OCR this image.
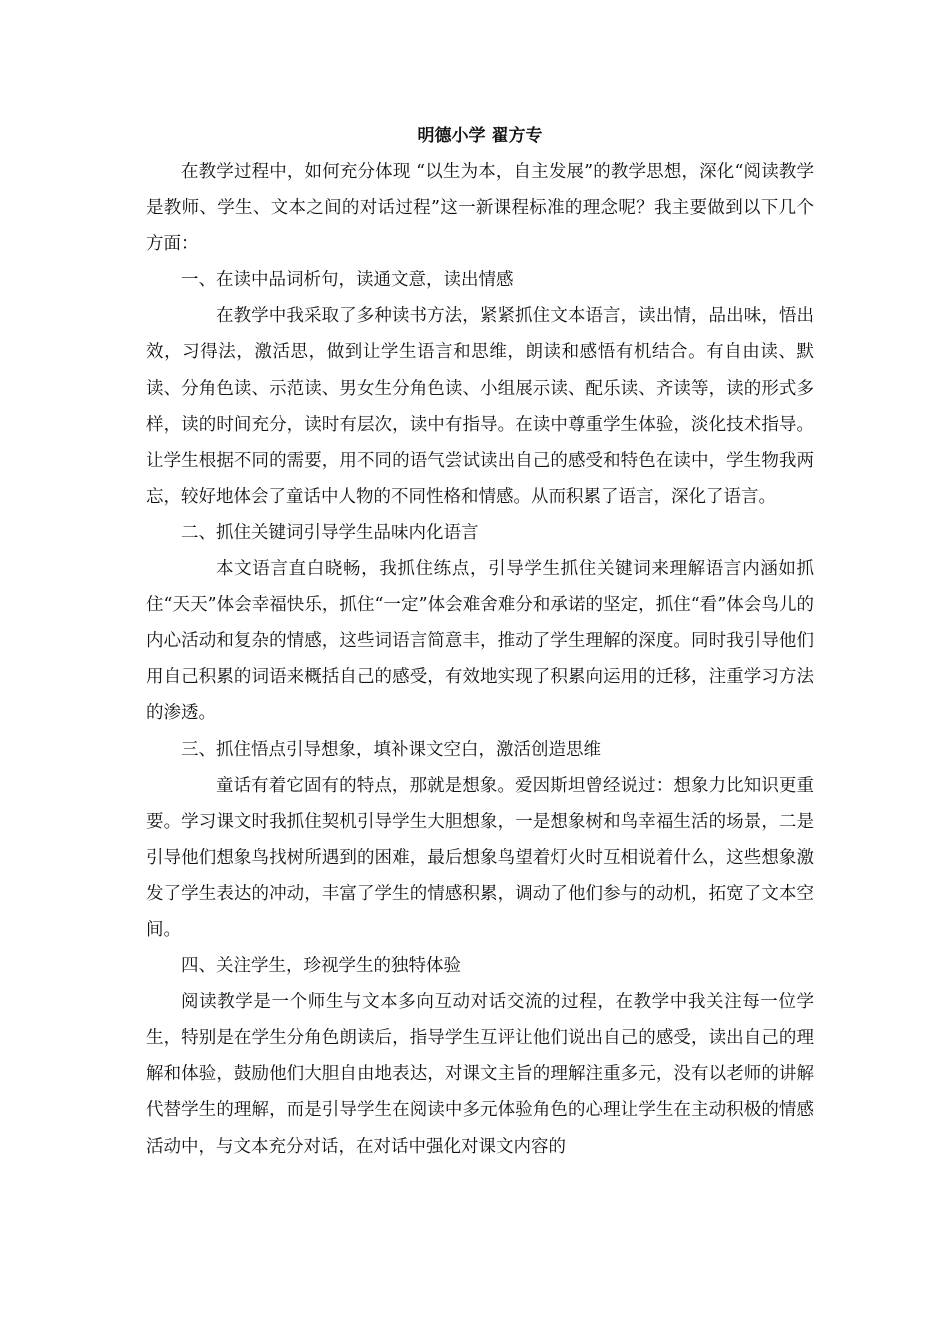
明德小学 翟方专

在教学过程中，如何充分体现 “以生为本，自主发展”的教学思想，深化“阅读教学是教师、学生、文本之间的对话过程”这一新课程标准的理念呢？我主要做到以下几个方面：

一、在读中品词析句，读通文意，读出情感

在教学中我采取了多种读书方法，紧紧抓住文本语言，读出情，品出味，悟出效，习得法，激活思，做到让学生语言和思维，朗读和感悟有机结合。有自由读、默读、分角色读、示范读、男女生分角色读、小组展示读、配乐读、齐读等，读的形式多样，读的时间充分，读时有层次，读中有指导。在读中尊重学生体验，淡化技术指导。让学生根据不同的需要，用不同的语气尝试读出自己的感受和特色在读中，学生物我两忘，较好地体会了童话中人物的不同性格和情感。从而积累了语言，深化了语言。

二、抓住关键词引导学生品味内化语言

本文语言直白晓畅，我抓住练点，引导学生抓住关键词来理解语言内涵如抓住“天天”体会幸福快乐，抓住“一定”体会难舍难分和承诺的坚定，抓住“看”体会鸟儿的内心活动和复杂的情感，这些词语言简意丰，推动了学生理解的深度。同时我引导他们用自己积累的词语来概括自己的感受，有效地实现了积累向运用的迁移，注重学习方法的渗透。

三、抓住悟点引导想象，填补课文空白，激活创造思维

童话有着它固有的特点，那就是想象。爱因斯坦曾经说过：想象力比知识更重要。学习课文时我抓住契机引导学生大胆想象，一是想象树和鸟幸福生活的场景，二是引导他们想象鸟找树所遇到的困难，最后想象鸟望着灯火时互相说着什么，这些想象激发了学生表达的冲动，丰富了学生的情感积累，调动了他们参与的动机，拓宽了文本空间。

四、关注学生，珍视学生的独特体验

阅读教学是一个师生与文本多向互动对话交流的过程，在教学中我关注每一位学生，特别是在学生分角色朗读后，指导学生互评让他们说出自己的感受，读出自己的理解和体验，鼓励他们大胆自由地表达，对课文主旨的理解注重多元，没有以老师的讲解代替学生的理解，而是引导学生在阅读中多元体验角色的心理让学生在主动积极的情感活动中，与文本充分对话，在对话中强化对课文内容的
